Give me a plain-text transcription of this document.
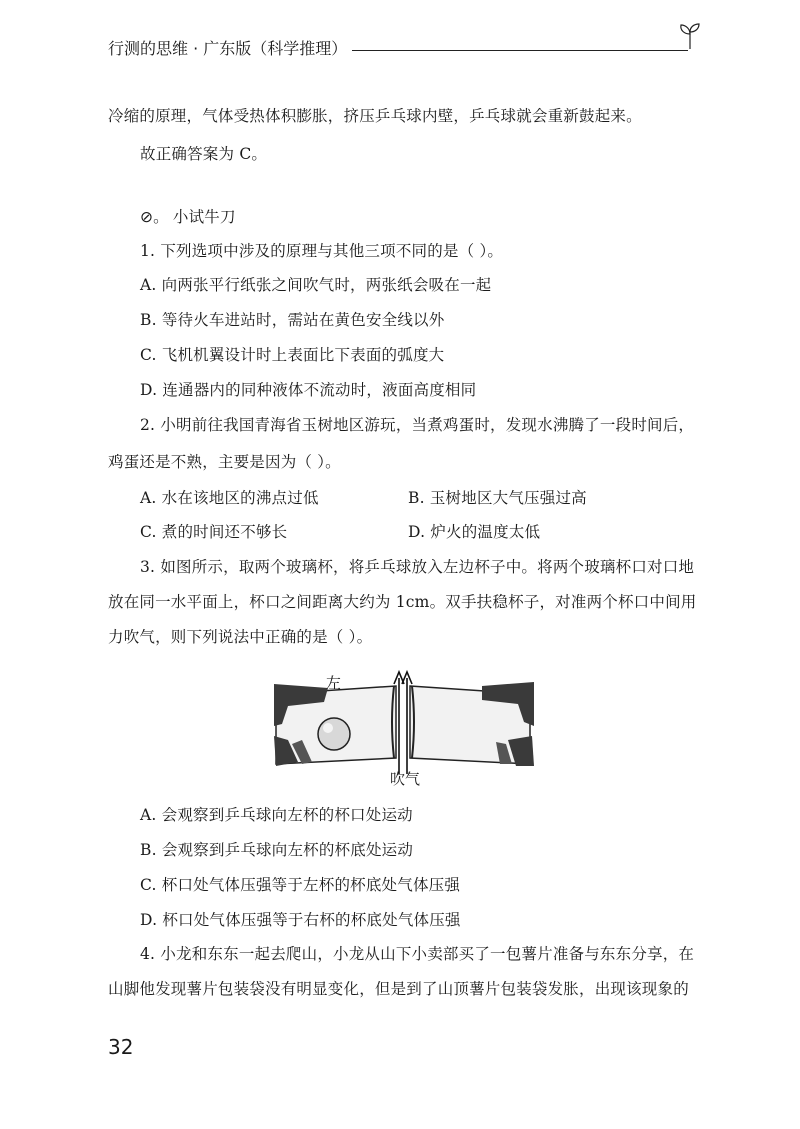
行测的思维 · 广东版（科学推理）
冷缩的原理，气体受热体积膨胀，挤压乒乓球内壁，乒乓球就会重新鼓起来。
故正确答案为 C。
⊘。 小试牛刀
1. 下列选项中涉及的原理与其他三项不同的是（ ）。
A. 向两张平行纸张之间吹气时，两张纸会吸在一起
B. 等待火车进站时，需站在黄色安全线以外
C. 飞机机翼设计时上表面比下表面的弧度大
D. 连通器内的同种液体不流动时，液面高度相同
2. 小明前往我国青海省玉树地区游玩，当煮鸡蛋时，发现水沸腾了一段时间后，
鸡蛋还是不熟，主要是因为（ ）。
A. 水在该地区的沸点过低	B. 玉树地区大气压强过高
C. 煮的时间还不够长	D. 炉火的温度太低
3. 如图所示，取两个玻璃杯，将乒乓球放入左边杯子中。将两个玻璃杯口对口地
放在同一水平面上，杯口之间距离大约为 1cm。双手扶稳杯子，对准两个杯口中间用
力吹气，则下列说法中正确的是（ ）。
左
吹气
A. 会观察到乒乓球向左杯的杯口处运动
B. 会观察到乒乓球向左杯的杯底处运动
C. 杯口处气体压强等于左杯的杯底处气体压强
D. 杯口处气体压强等于右杯的杯底处气体压强
4. 小龙和东东一起去爬山，小龙从山下小卖部买了一包薯片准备与东东分享，在
山脚他发现薯片包装袋没有明显变化，但是到了山顶薯片包装袋发胀，出现该现象的
32
